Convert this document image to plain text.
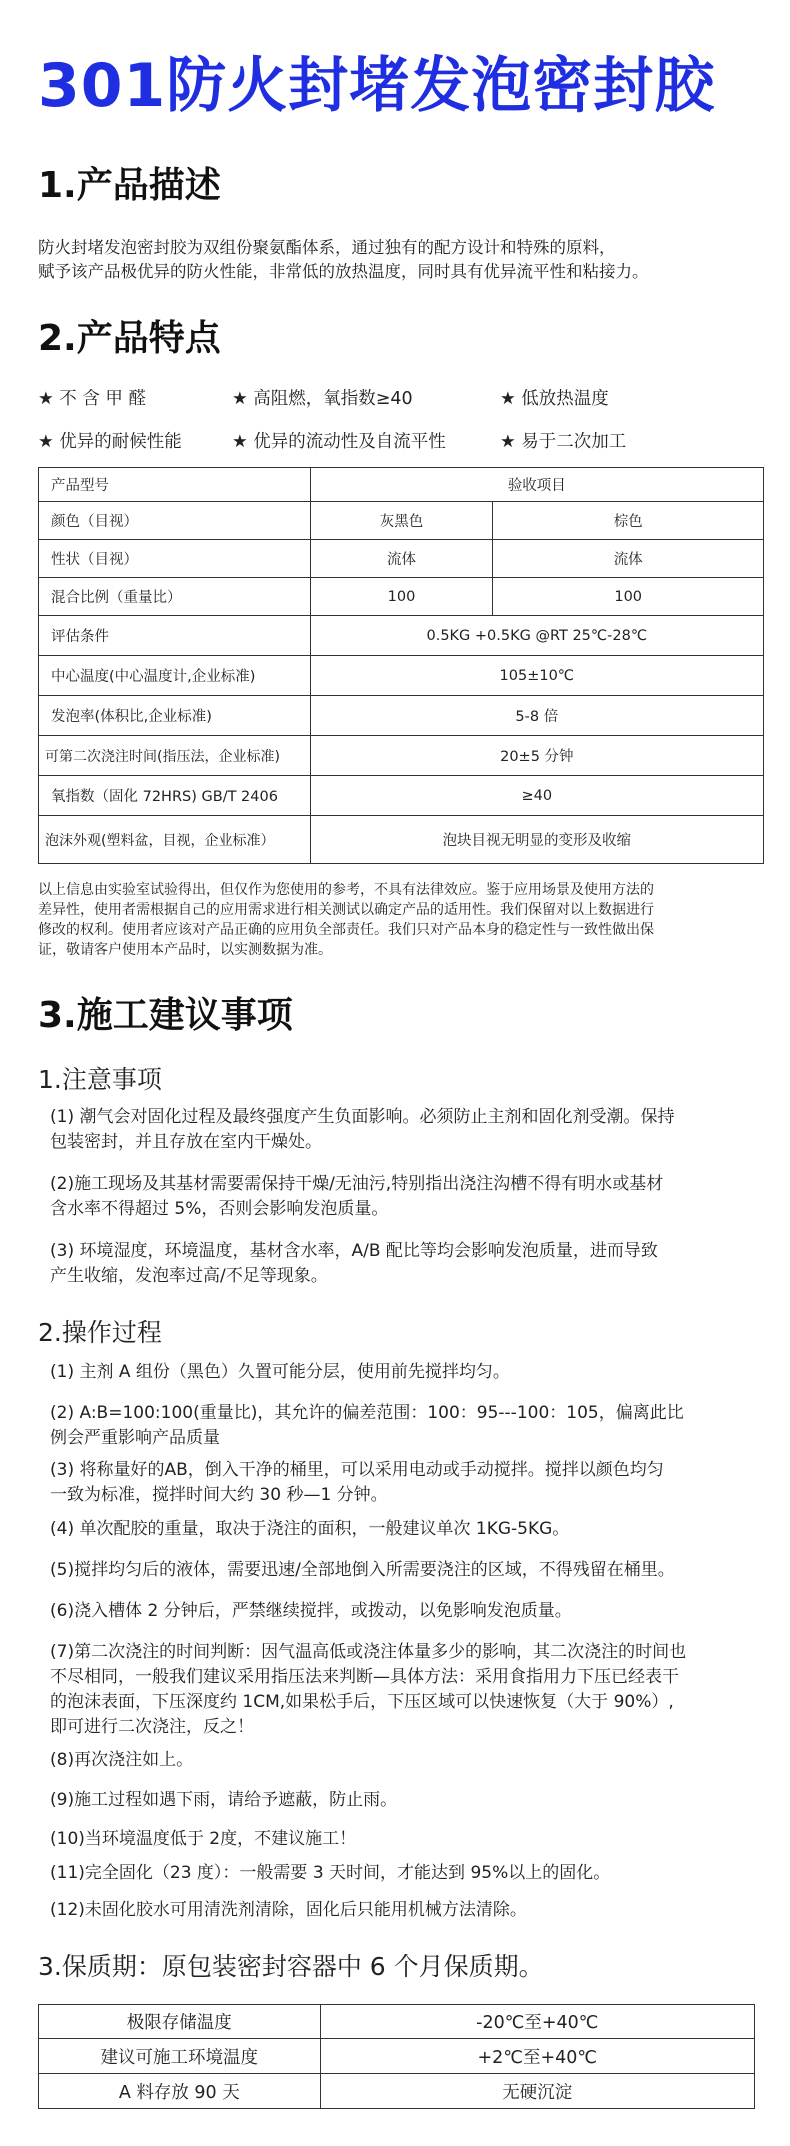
301防火封堵发泡密封胶
1.产品描述
防火封堵发泡密封胶为双组份聚氨酯体系，通过独有的配方设计和特殊的原料，
赋予该产品极优异的防火性能，非常低的放热温度，同时具有优异流平性和粘接力。
2.产品特点
★ 不 含 甲 醛	★ 高阻燃，氧指数≥40	★ 低放热温度
★ 优异的耐候性能	★ 优异的流动性及自流平性	★ 易于二次加工
产品型号	验收项目	
颜色（目视）	灰黑色	棕色
性状（目视）	流体	流体
混合比例（重量比）	100	100
评估条件	0.5KG +0.5KG @RT 25℃-28℃	
中心温度(中心温度计,企业标准)	105±10℃	
发泡率(体积比,企业标准)	5-8 倍	
可第二次浇注时间(指压法，企业标准)	20±5 分钟	
氧指数（固化 72HRS) GB/T 2406	≥40	
泡沫外观(塑料盆，目视，企业标准）	泡块目视无明显的变形及收缩	
以上信息由实验室试验得出，但仅作为您使用的参考，不具有法律效应。鉴于应用场景及使用方法的
差异性，使用者需根据自己的应用需求进行相关测试以确定产品的适用性。我们保留对以上数据进行
修改的权利。使用者应该对产品正确的应用负全部责任。我们只对产品本身的稳定性与一致性做出保
证，敬请客户使用本产品时，以实测数据为准。
3.施工建议事项
1.注意事项
(1) 潮气会对固化过程及最终强度产生负面影响。必须防止主剂和固化剂受潮。保持
包装密封，并且存放在室内干燥处。
(2)施工现场及其基材需要需保持干燥/无油污,特别指出浇注沟槽不得有明水或基材
含水率不得超过 5%，否则会影响发泡质量。
(3) 环境湿度，环境温度，基材含水率，A/B 配比等均会影响发泡质量，进而导致
产生收缩，发泡率过高/不足等现象。
2.操作过程
(1) 主剂 A 组份（黑色）久置可能分层，使用前先搅拌均匀。
(2) A:B=100:100(重量比)，其允许的偏差范围：100：95---100：105，偏离此比
例会严重影响产品质量
(3) 将称量好的AB，倒入干净的桶里，可以采用电动或手动搅拌。搅拌以颜色均匀
一致为标准，搅拌时间大约 30 秒—1 分钟。
(4) 单次配胶的重量，取决于浇注的面积，一般建议单次 1KG-5KG。
(5)搅拌均匀后的液体，需要迅速/全部地倒入所需要浇注的区域，不得残留在桶里。
(6)浇入槽体 2 分钟后，严禁继续搅拌，或拨动，以免影响发泡质量。
(7)第二次浇注的时间判断：因气温高低或浇注体量多少的影响，其二次浇注的时间也
不尽相同，一般我们建议采用指压法来判断—具体方法：采用食指用力下压已经表干
的泡沫表面，下压深度约 1CM,如果松手后，下压区域可以快速恢复（大于 90%）,
即可进行二次浇注，反之！
(8)再次浇注如上。
(9)施工过程如遇下雨，请给予遮蔽，防止雨。
(10)当环境温度低于 2度，不建议施工！
(11)完全固化（23 度）：一般需要 3 天时间，才能达到 95%以上的固化。
(12)未固化胶水可用清洗剂清除，固化后只能用机械方法清除。
3.保质期：原包装密封容器中 6 个月保质期。
极限存储温度	-20℃至+40℃
建议可施工环境温度	+2℃至+40℃
A 料存放 90 天	无硬沉淀
